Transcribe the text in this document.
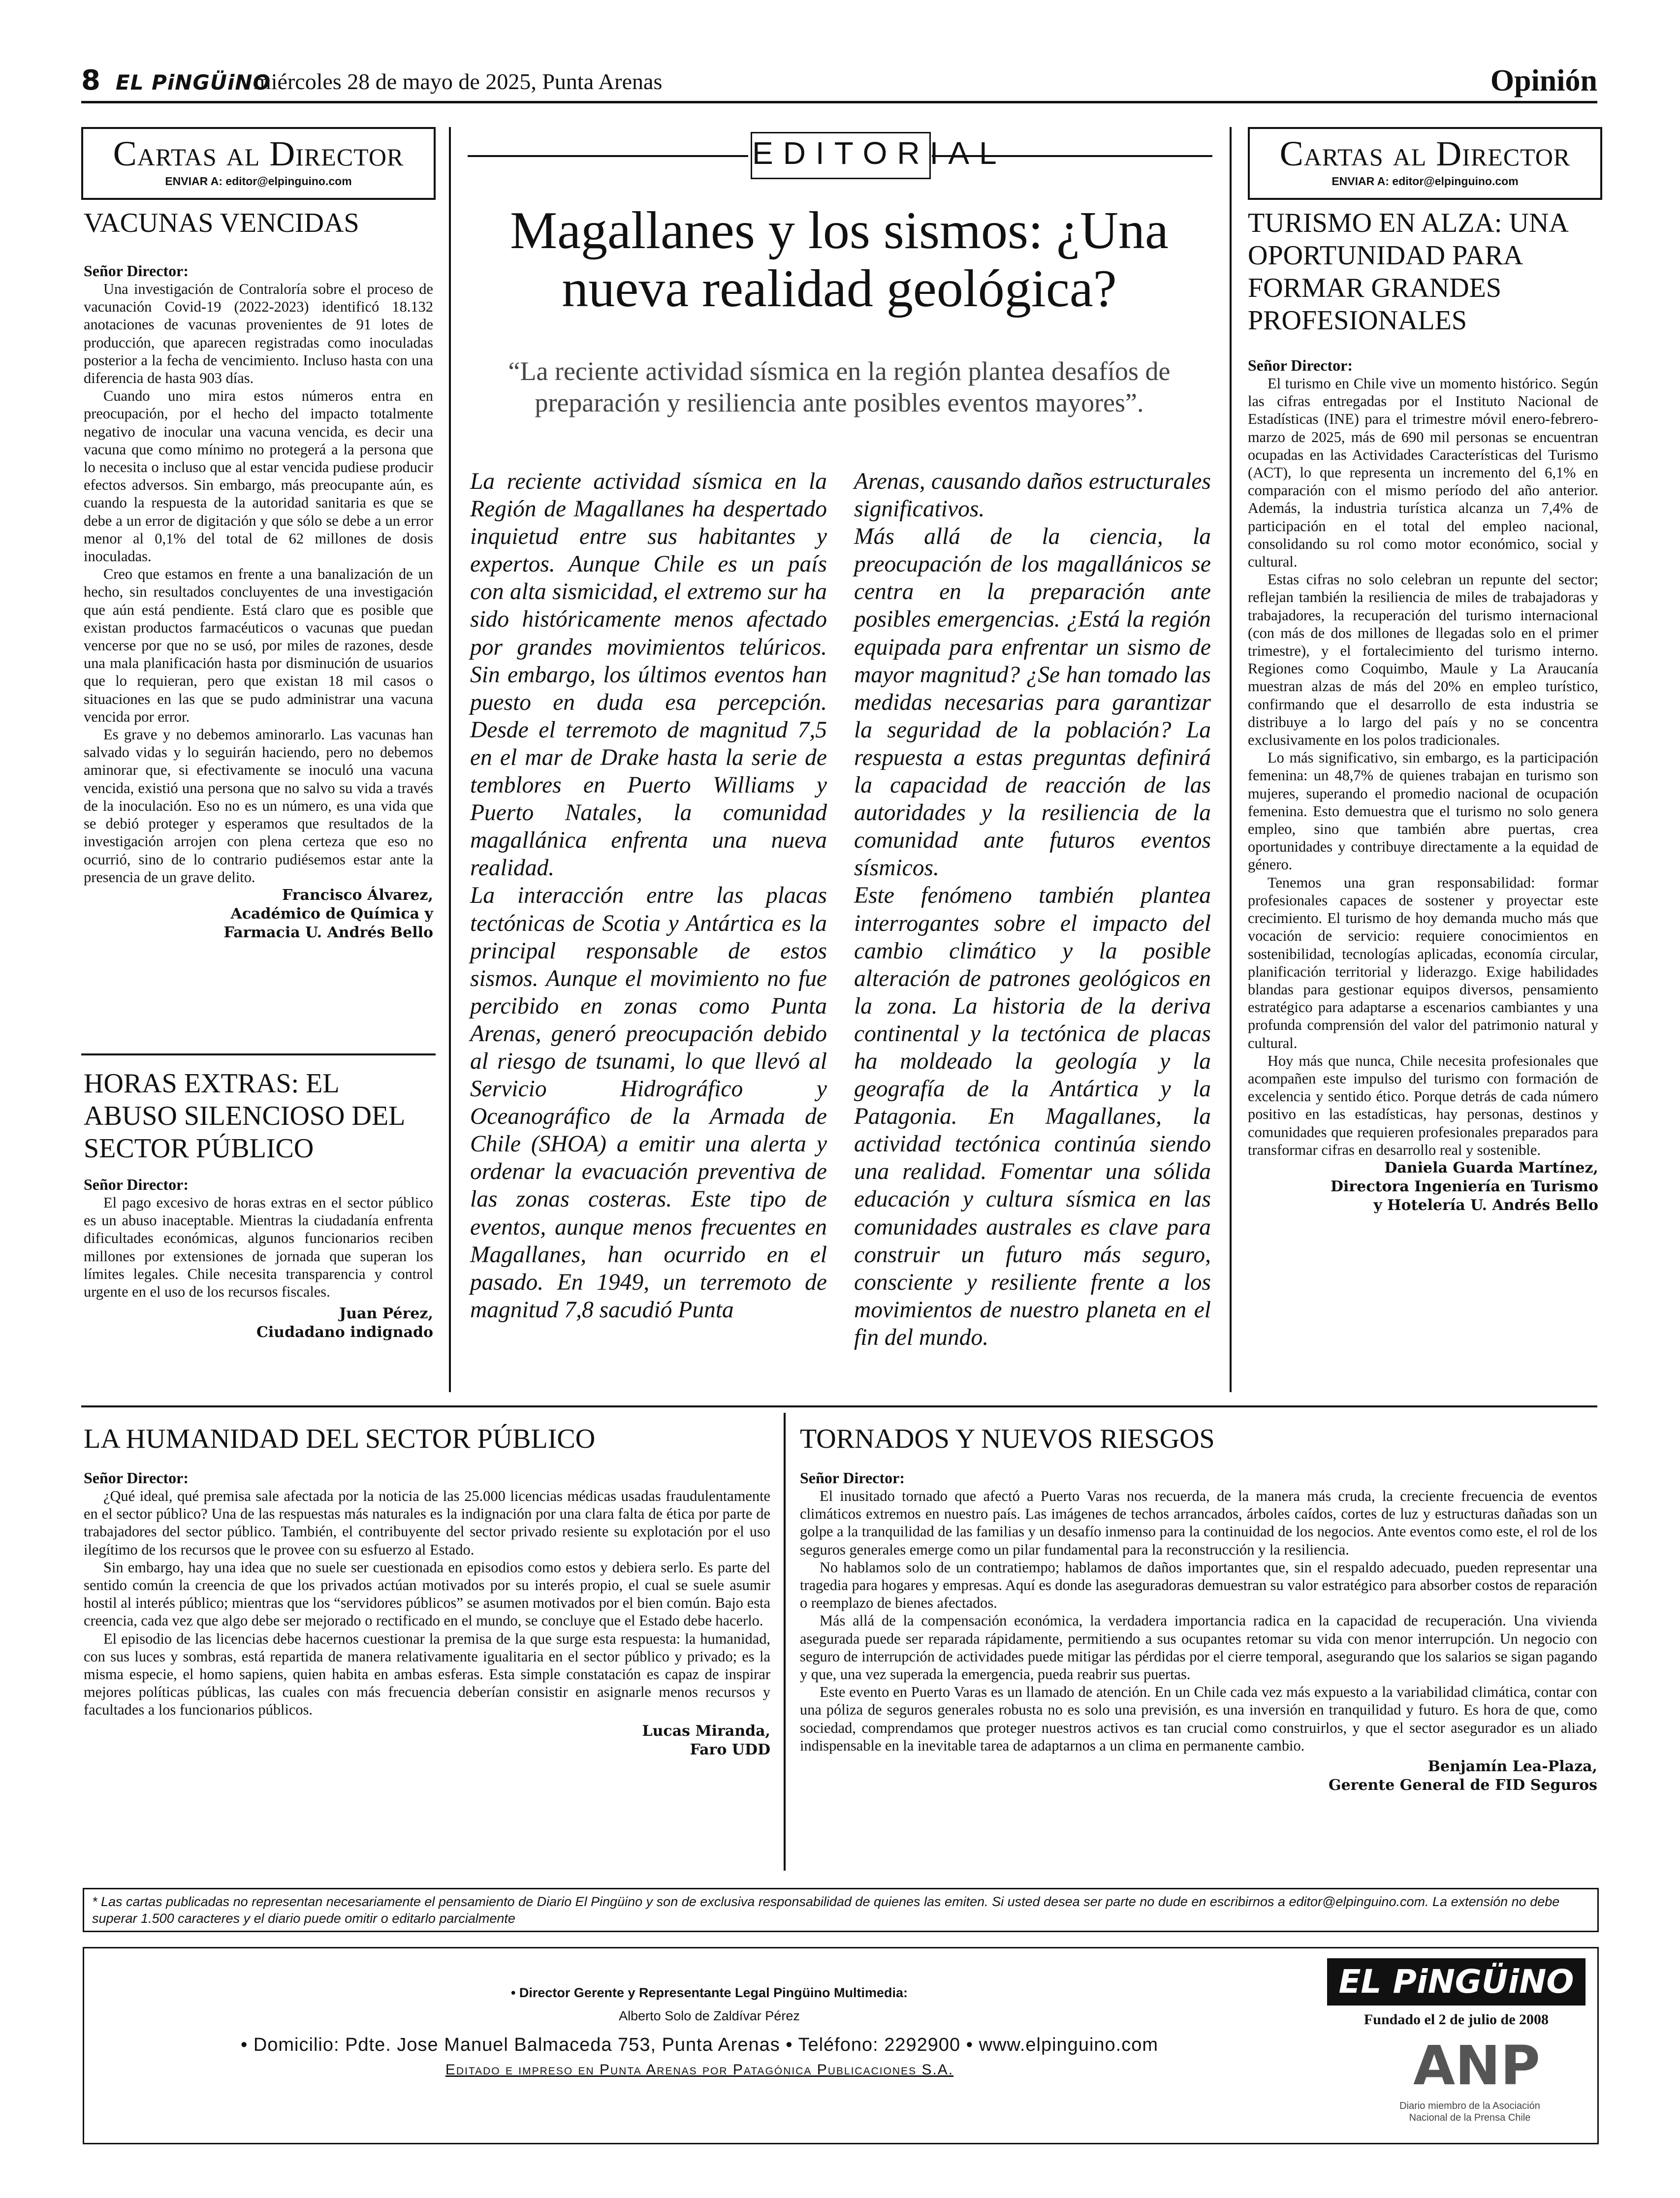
8 EL PiNGÜiNO
miércoles 28 de mayo de 2025, Punta Arenas	Opinión
Cartas al Director
ENVIAR A: editor@elpinguino.com
VACUNAS VENCIDAS
Señor Director:

Una investigación de Contraloría sobre el proceso de vacunación Covid-19 (2022-2023) identificó 18.132 anotaciones de vacunas provenientes de 91 lotes de producción, que aparecen registradas como inoculadas posterior a la fecha de vencimiento. Incluso hasta con una diferencia de hasta 903 días.

Cuando uno mira estos números entra en preocupación, por el hecho del impacto totalmente negativo de inocular una vacuna vencida, es decir una vacuna que como mínimo no protegerá a la persona que lo necesita o incluso que al estar vencida pudiese producir efectos adversos. Sin embargo, más preocupante aún, es cuando la respuesta de la autoridad sanitaria es que se debe a un error de digitación y que sólo se debe a un error menor al 0,1% del total de 62 millones de dosis inoculadas.

Creo que estamos en frente a una banalización de un hecho, sin resultados concluyentes de una investigación que aún está pendiente. Está claro que es posible que existan productos farmacéuticos o vacunas que puedan vencerse por que no se usó, por miles de razones, desde una mala planificación hasta por disminución de usuarios que lo requieran, pero que existan 18 mil casos o situaciones en las que se pudo administrar una vacuna vencida por error.

Es grave y no debemos aminorarlo. Las vacunas han salvado vidas y lo seguirán haciendo, pero no debemos aminorar que, si efectivamente se inoculó una vacuna vencida, existió una persona que no salvo su vida a través de la inoculación. Eso no es un número, es una vida que se debió proteger y esperamos que resultados de la investigación arrojen con plena certeza que eso no ocurrió, sino de lo contrario pudiésemos estar ante la presencia de un grave delito.

Francisco Álvarez,
Académico de Química y
Farmacia U. Andrés Bello
HORAS EXTRAS: EL ABUSO SILENCIOSO DEL SECTOR PÚBLICO
Señor Director:

El pago excesivo de horas extras en el sector público es un abuso inaceptable. Mientras la ciudadanía enfrenta dificultades económicas, algunos funcionarios reciben millones por extensiones de jornada que superan los límites legales. Chile necesita transparencia y control urgente en el uso de los recursos fiscales.

Juan Pérez,
Ciudadano indignado
EDITORIAL
Magallanes y los sismos: ¿Una nueva realidad geológica?
“La reciente actividad sísmica en la región plantea desafíos de preparación y resiliencia ante posibles eventos mayores”.

La reciente actividad sísmica en la Región de Magallanes ha despertado inquietud entre sus habitantes y expertos. Aunque Chile es un país con alta sismicidad, el extremo sur ha sido históricamente menos afectado por grandes movimientos telúricos. Sin embargo, los últimos eventos han puesto en duda esa percepción. Desde el terremoto de magnitud 7,5 en el mar de Drake hasta la serie de temblores en Puerto Williams y Puerto Natales, la comunidad magallánica enfrenta una nueva realidad.

La interacción entre las placas tectónicas de Scotia y Antártica es la principal responsable de estos sismos. Aunque el movimiento no fue percibido en zonas como Punta Arenas, generó preocupación debido al riesgo de tsunami, lo que llevó al Servicio Hidrográfico y Oceanográfico de la Armada de Chile (SHOA) a emitir una alerta y ordenar la evacuación preventiva de las zonas costeras. Este tipo de eventos, aunque menos frecuentes en Magallanes, han ocurrido en el pasado. En 1949, un terremoto de magnitud 7,8 sacudió Punta

Arenas, causando daños estructurales significativos.

Más allá de la ciencia, la preocupación de los magallánicos se centra en la preparación ante posibles emergencias. ¿Está la región equipada para enfrentar un sismo de mayor magnitud? ¿Se han tomado las medidas necesarias para garantizar la seguridad de la población? La respuesta a estas preguntas definirá la capacidad de reacción de las autoridades y la resiliencia de la comunidad ante futuros eventos sísmicos.

Este fenómeno también plantea interrogantes sobre el impacto del cambio climático y la posible alteración de patrones geológicos en la zona. La historia de la deriva continental y la tectónica de placas ha moldeado la geología y la geografía de la Antártica y la Patagonia. En Magallanes, la actividad tectónica continúa siendo una realidad. Fomentar una sólida educación y cultura sísmica en las comunidades australes es clave para construir un futuro más seguro, consciente y resiliente frente a los movimientos de nuestro planeta en el fin del mundo.

Cartas al Director
ENVIAR A: editor@elpinguino.com
TURISMO EN ALZA: UNA OPORTUNIDAD PARA FORMAR GRANDES PROFESIONALES
Señor Director:

El turismo en Chile vive un momento histórico. Según las cifras entregadas por el Instituto Nacional de Estadísticas (INE) para el trimestre móvil enero-febrero-marzo de 2025, más de 690 mil personas se encuentran ocupadas en las Actividades Características del Turismo (ACT), lo que representa un incremento del 6,1% en comparación con el mismo período del año anterior. Además, la industria turística alcanza un 7,4% de participación en el total del empleo nacional, consolidando su rol como motor económico, social y cultural.

Estas cifras no solo celebran un repunte del sector; reflejan también la resiliencia de miles de trabajadoras y trabajadores, la recuperación del turismo internacional (con más de dos millones de llegadas solo en el primer trimestre), y el fortalecimiento del turismo interno. Regiones como Coquimbo, Maule y La Araucanía muestran alzas de más del 20% en empleo turístico, confirmando que el desarrollo de esta industria se distribuye a lo largo del país y no se concentra exclusivamente en los polos tradicionales.

Lo más significativo, sin embargo, es la participación femenina: un 48,7% de quienes trabajan en turismo son mujeres, superando el promedio nacional de ocupación femenina. Esto demuestra que el turismo no solo genera empleo, sino que también abre puertas, crea oportunidades y contribuye directamente a la equidad de género.

Tenemos una gran responsabilidad: formar profesionales capaces de sostener y proyectar este crecimiento. El turismo de hoy demanda mucho más que vocación de servicio: requiere conocimientos en sostenibilidad, tecnologías aplicadas, economía circular, planificación territorial y liderazgo. Exige habilidades blandas para gestionar equipos diversos, pensamiento estratégico para adaptarse a escenarios cambiantes y una profunda comprensión del valor del patrimonio natural y cultural.

Hoy más que nunca, Chile necesita profesionales que acompañen este impulso del turismo con formación de excelencia y sentido ético. Porque detrás de cada número positivo en las estadísticas, hay personas, destinos y comunidades que requieren profesionales preparados para transformar cifras en desarrollo real y sostenible.

Daniela Guarda Martínez,
Directora Ingeniería en Turismo
y Hotelería U. Andrés Bello
LA HUMANIDAD DEL SECTOR PÚBLICO
Señor Director:

¿Qué ideal, qué premisa sale afectada por la noticia de las 25.000 licencias médicas usadas fraudulentamente en el sector público? Una de las respuestas más naturales es la indignación por una clara falta de ética por parte de trabajadores del sector público. También, el contribuyente del sector privado resiente su explotación por el uso ilegítimo de los recursos que le provee con su esfuerzo al Estado.

Sin embargo, hay una idea que no suele ser cuestionada en episodios como estos y debiera serlo. Es parte del sentido común la creencia de que los privados actúan motivados por su interés propio, el cual se suele asumir hostil al interés público; mientras que los “servidores públicos” se asumen motivados por el bien común. Bajo esta creencia, cada vez que algo debe ser mejorado o rectificado en el mundo, se concluye que el Estado debe hacerlo.

El episodio de las licencias debe hacernos cuestionar la premisa de la que surge esta respuesta: la humanidad, con sus luces y sombras, está repartida de manera relativamente igualitaria en el sector público y privado; es la misma especie, el homo sapiens, quien habita en ambas esferas. Esta simple constatación es capaz de inspirar mejores políticas públicas, las cuales con más frecuencia deberían consistir en asignarle menos recursos y facultades a los funcionarios públicos.

Lucas Miranda,
Faro UDD
TORNADOS Y NUEVOS RIESGOS
Señor Director:

El inusitado tornado que afectó a Puerto Varas nos recuerda, de la manera más cruda, la creciente frecuencia de eventos climáticos extremos en nuestro país. Las imágenes de techos arrancados, árboles caídos, cortes de luz y estructuras dañadas son un golpe a la tranquilidad de las familias y un desafío inmenso para la continuidad de los negocios. Ante eventos como este, el rol de los seguros generales emerge como un pilar fundamental para la reconstrucción y la resiliencia.

No hablamos solo de un contratiempo; hablamos de daños importantes que, sin el respaldo adecuado, pueden representar una tragedia para hogares y empresas. Aquí es donde las aseguradoras demuestran su valor estratégico para absorber costos de reparación o reemplazo de bienes afectados.

Más allá de la compensación económica, la verdadera importancia radica en la capacidad de recuperación. Una vivienda asegurada puede ser reparada rápidamente, permitiendo a sus ocupantes retomar su vida con menor interrupción. Un negocio con seguro de interrupción de actividades puede mitigar las pérdidas por el cierre temporal, asegurando que los salarios se sigan pagando y que, una vez superada la emergencia, pueda reabrir sus puertas.

Este evento en Puerto Varas es un llamado de atención. En un Chile cada vez más expuesto a la variabilidad climática, contar con una póliza de seguros generales robusta no es solo una previsión, es una inversión en tranquilidad y futuro. Es hora de que, como sociedad, comprendamos que proteger nuestros activos es tan crucial como construirlos, y que el sector asegurador es un aliado indispensable en la inevitable tarea de adaptarnos a un clima en permanente cambio.

Benjamín Lea-Plaza,
Gerente General de FID Seguros
* Las cartas publicadas no representan necesariamente el pensamiento de Diario El Pingüino y son de exclusiva responsabilidad de quienes las emiten. Si usted desea ser parte no dude en escribirnos a editor@elpinguino.com. La extensión no debe superar 1.500 caracteres y el diario puede omitir o editarlo parcialmente
• Director Gerente y Representante Legal Pingüino Multimedia:
Alberto Solo de Zaldívar Pérez
• Domicilio: Pdte. Jose Manuel Balmaceda 753, Punta Arenas • Teléfono: 2292900 • www.elpinguino.com
Editado e impreso en Punta Arenas por Patagónica Publicaciones S.A.
EL PiNGÜiNO
Fundado el 2 de julio de 2008
ANP
Diario miembro de la Asociación Nacional de la Prensa Chile
